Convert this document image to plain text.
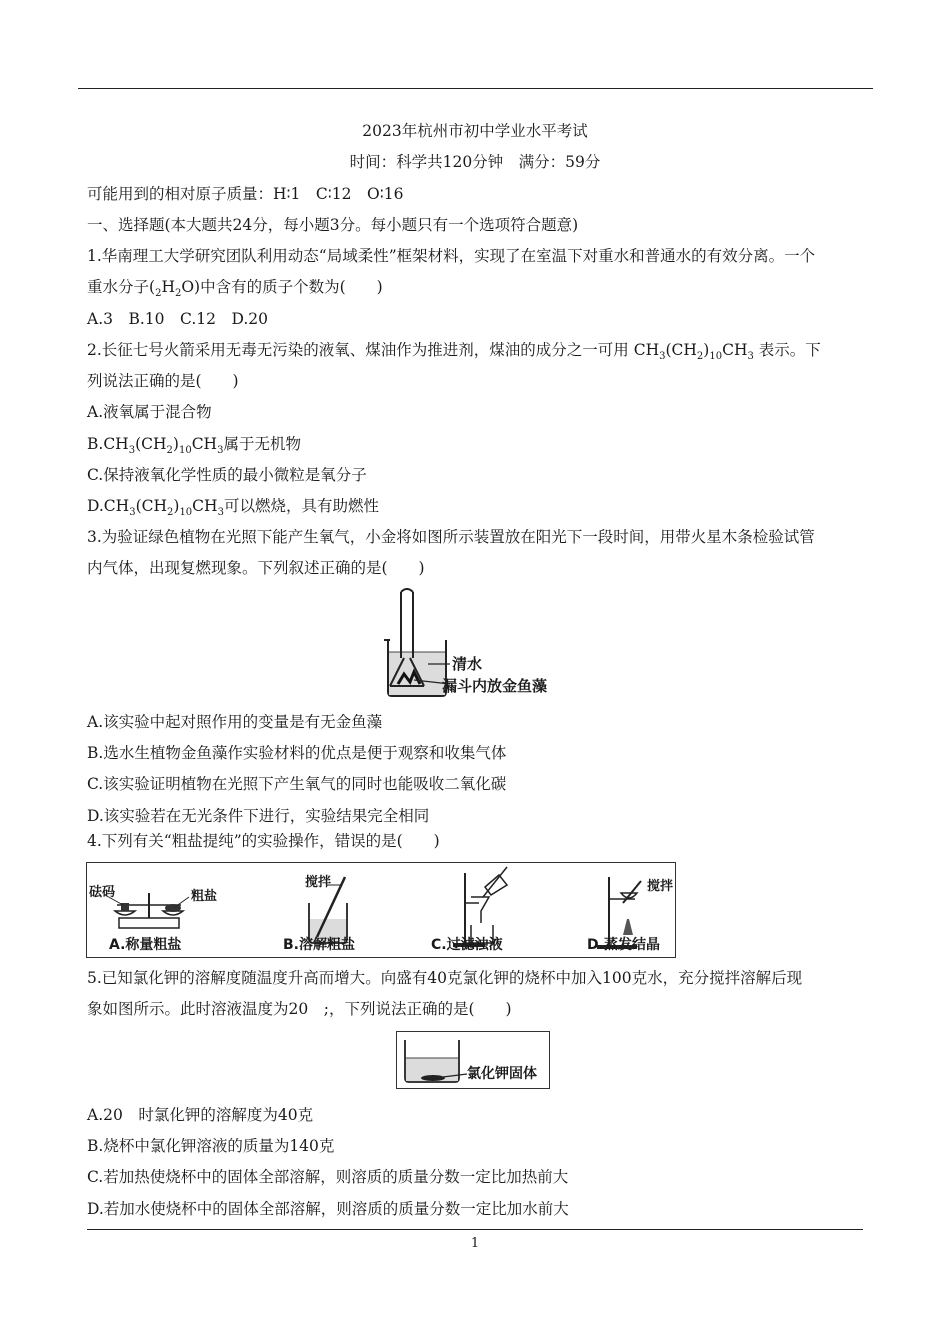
2023年杭州市初中学业水平考试
时间：科学共120分钟　满分：59分
可能用到的相对原子质量：H∶1　C∶12　O∶16
一、选择题(本大题共24分，每小题3分。每小题只有一个选项符合题意)
1.华南理工大学研究团队利用动态“局域柔性”框架材料，实现了在室温下对重水和普通水的有效分离。一个
重水分子$(_2H_2O)$中含有的质子个数为(　　)
A.3　B.10　C.12　D.20
2.长征七号火箭采用无毒无污染的液氧、煤油作为推进剂，煤油的成分之一可用 $CH_3(CH_2)_{10}CH_3$ 表示。下
列说法正确的是(　　)
A.液氧属于混合物
$B.CH_3(CH_2)_{10}CH_3$属于无机物
C.保持液氧化学性质的最小微粒是氧分子
$D.CH_3(CH_2)_{10}CH_3$可以燃烧，具有助燃性
3.为验证绿色植物在光照下能产生氧气，小金将如图所示装置放在阳光下一段时间，用带火星木条检验试管
内气体，出现复燃现象。下列叙述正确的是(　　)
清水
漏斗内放金鱼藻
A.该实验中起对照作用的变量是有无金鱼藻
B.选水生植物金鱼藻作实验材料的优点是便于观察和收集气体
C.该实验证明植物在光照下产生氧气的同时也能吸收二氧化碳
D.该实验若在无光条件下进行，实验结果完全相同
4.下列有关“粗盐提纯”的实验操作，错误的是(　　)
砝码	粗盐
搅拌	搅拌
A.称量粗盐	B.溶解粗盐	C.过滤浊液	D.蒸发结晶
5.已知氯化钾的溶解度随温度升高而增大。向盛有40克氯化钾的烧杯中加入100克水，充分搅拌溶解后现
象如图所示。此时溶液温度为20　;，下列说法正确的是(　　)
氯化钾固体
A.20　时氯化钾的溶解度为40克
B.烧杯中氯化钾溶液的质量为140克
C.若加热使烧杯中的固体全部溶解，则溶质的质量分数一定比加热前大
D.若加水使烧杯中的固体全部溶解，则溶质的质量分数一定比加水前大
1
